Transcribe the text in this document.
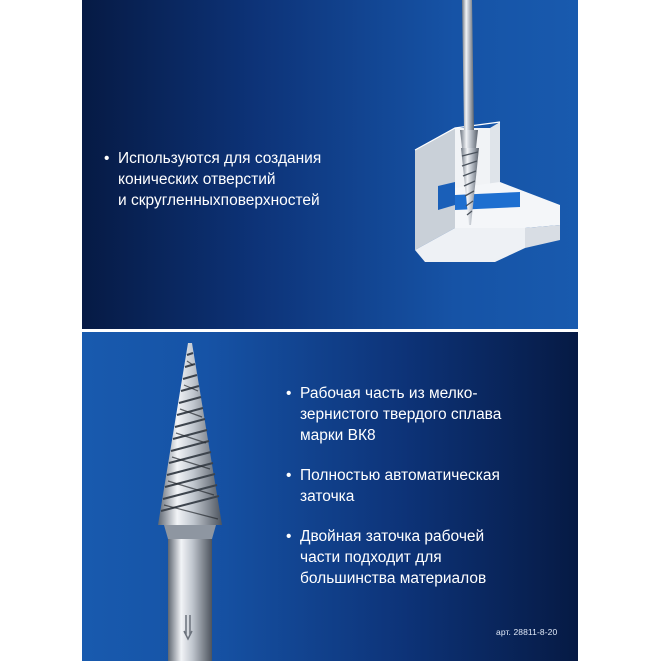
• Используются для создания
конических отверстий
и скругленныхповерхностей
• Рабочая часть из мелко-
зернистого твердого сплава
марки ВК8
• Полностью автоматическая
заточка
• Двойная заточка рабочей
части подходит для
большинства материалов
арт. 28811-8-20
